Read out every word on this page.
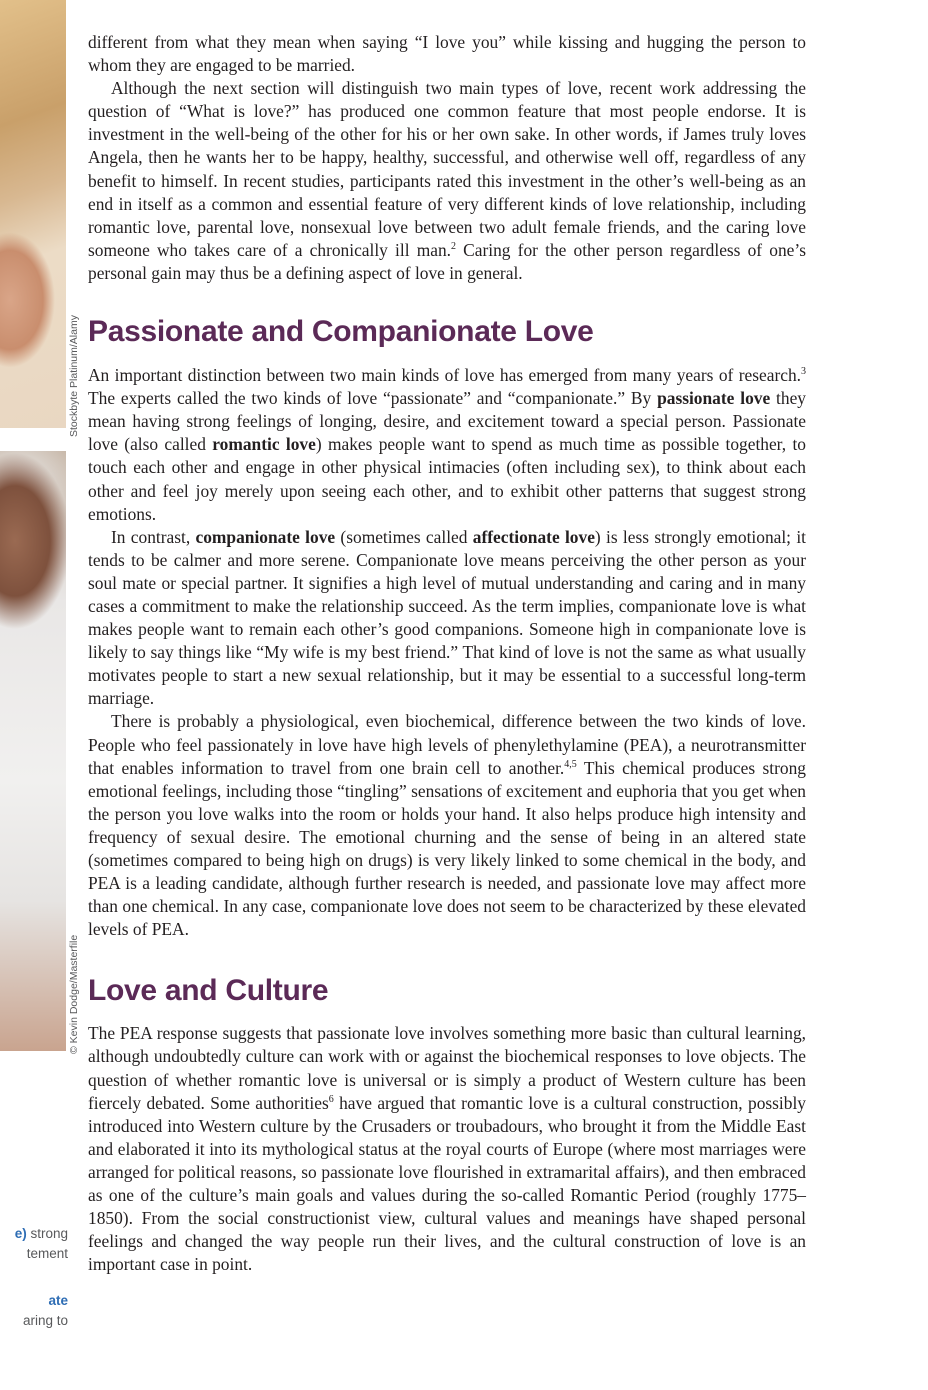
Stockbyte Platinum/Alamy
© Kevin Dodge/Masterfile
e) strong
tement
ate
aring to

different from what they mean when saying “I love you” while kissing and hugging the person to whom they are engaged to be married.

Although the next section will distinguish two main types of love, recent work addressing the question of “What is love?” has produced one common feature that most people endorse. It is investment in the well-being of the other for his or her own sake. In other words, if James truly loves Angela, then he wants her to be happy, healthy, successful, and otherwise well off, regardless of any benefit to himself. In recent studies, participants rated this investment in the other’s well-being as an end in itself as a common and essential feature of very different kinds of love relationship, including romantic love, parental love, nonsexual love between two adult female friends, and the caring love someone who takes care of a chronically ill man.$^2$ Caring for the other person regardless of one’s personal gain may thus be a defining aspect of love in general.

Passionate and Companionate Love

An important distinction between two main kinds of love has emerged from many years of research.$^3$ The experts called the two kinds of love “passionate” and “companionate.” By passionate love they mean having strong feelings of longing, desire, and excitement toward a special person. Passionate love (also called romantic love) makes people want to spend as much time as possible together, to touch each other and engage in other physical intimacies (often including sex), to think about each other and feel joy merely upon seeing each other, and to exhibit other patterns that suggest strong emotions.

In contrast, companionate love (sometimes called affectionate love) is less strongly emotional; it tends to be calmer and more serene. Companionate love means perceiving the other person as your soul mate or special partner. It signifies a high level of mutual understanding and caring and in many cases a commitment to make the relationship succeed. As the term implies, companionate love is what makes people want to remain each other’s good companions. Someone high in companionate love is likely to say things like “My wife is my best friend.” That kind of love is not the same as what usually motivates people to start a new sexual relationship, but it may be essential to a successful long-term marriage.

There is probably a physiological, even biochemical, difference between the two kinds of love. People who feel passionately in love have high levels of phenylethylamine (PEA), a neurotransmitter that enables information to travel from one brain cell to another.$^{4,5}$ This chemical produces strong emotional feelings, including those “tingling” sensations of excitement and euphoria that you get when the person you love walks into the room or holds your hand. It also helps produce high intensity and frequency of sexual desire. The emotional churning and the sense of being in an altered state (sometimes compared to being high on drugs) is very likely linked to some chemical in the body, and PEA is a leading candidate, although further research is needed, and passionate love may affect more than one chemical. In any case, companionate love does not seem to be characterized by these elevated levels of PEA.

Love and Culture

The PEA response suggests that passionate love involves something more basic than cultural learning, although undoubtedly culture can work with or against the biochemical responses to love objects. The question of whether romantic love is universal or is simply a product of Western culture has been fiercely debated. Some authorities$^6$ have argued that romantic love is a cultural construction, possibly introduced into Western culture by the Crusaders or troubadours, who brought it from the Middle East and elaborated it into its mythological status at the royal courts of Europe (where most marriages were arranged for political reasons, so passionate love flourished in extramarital affairs), and then embraced as one of the culture’s main goals and values during the so-called Romantic Period (roughly 1775–1850). From the social constructionist view, cultural values and meanings have shaped personal feelings and changed the way people run their lives, and the cultural construction of love is an important case in point.
